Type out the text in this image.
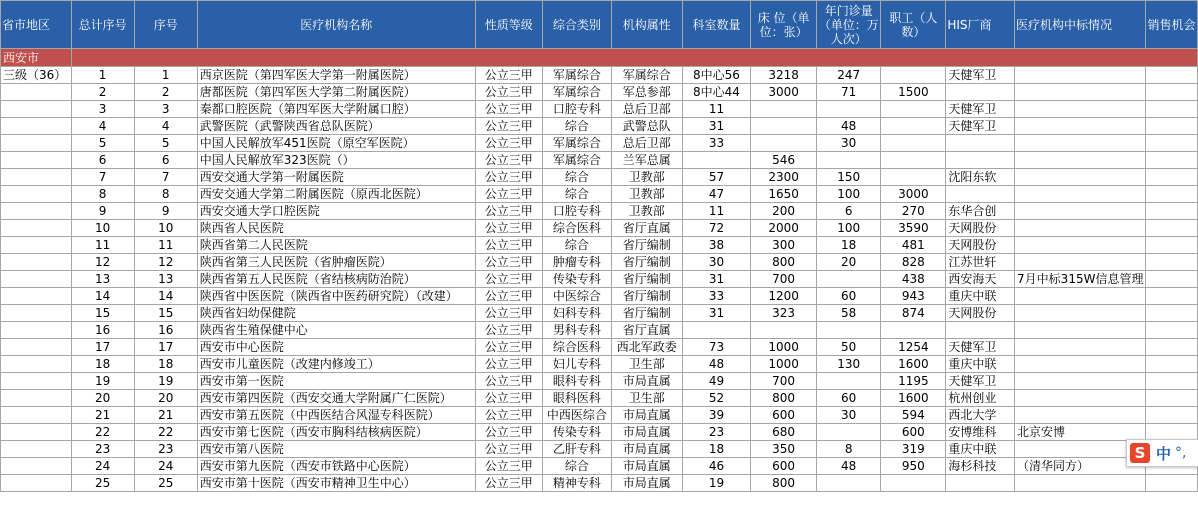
省市地区	总计序号	序号	医疗机构名称	性质等级	综合类别	机构属性	科室数量	床 位（单位：张）	年门诊量（单位：万人次）	职工（人数）	HIS厂商	医疗机构中标情况	销售机会
西安市													
三级（36）	1	1	西京医院（第四军医大学第一附属医院）	公立三甲	军属综合	军属综合	8中心56	3218	247		天健军卫		
	2	2	唐都医院（第四军医大学第二附属医院）	公立三甲	军属综合	军总参部	8中心44	3000	71	1500			
	3	3	秦都口腔医院（第四军医大学附属口腔）	公立三甲	口腔专科	总后卫部	11				天健军卫		
	4	4	武警医院（武警陕西省总队医院）	公立三甲	综合	武警总队	31		48		天健军卫		
	5	5	中国人民解放军451医院（原空军医院）	公立三甲	军属综合	总后卫部	33		30				
	6	6	中国人民解放军323医院（）	公立三甲	军属综合	兰军总属		546					
	7	7	西安交通大学第一附属医院	公立三甲	综合	卫教部	57	2300	150		沈阳东软		
	8	8	西安交通大学第二附属医院（原西北医院）	公立三甲	综合	卫教部	47	1650	100	3000			
	9	9	西安交通大学口腔医院	公立三甲	口腔专科	卫教部	11	200	6	270	东华合创		
	10	10	陕西省人民医院	公立三甲	综合医科	省厅直属	72	2000	100	3590	天网股份		
	11	11	陕西省第二人民医院	公立三甲	综合	省厅编制	38	300	18	481	天网股份		
	12	12	陕西省第三人民医院（省肿瘤医院）	公立三甲	肿瘤专科	省厅编制	30	800	20	828	江苏世轩		
	13	13	陕西省第五人民医院（省结核病防治院）	公立三甲	传染专科	省厅编制	31	700		438	西安海天	7月中标315W信息管理	
	14	14	陕西省中医医院（陕西省中医药研究院）（改建）	公立三甲	中医综合	省厅编制	33	1200	60	943	重庆中联		
	15	15	陕西省妇幼保健院	公立三甲	妇科专科	省厅编制	31	323	58	874	天网股份		
	16	16	陕西省生殖保健中心	公立三甲	男科专科	省厅直属							
	17	17	西安市中心医院	公立三甲	综合医科	西北军政委	73	1000	50	1254	天健军卫		
	18	18	西安市儿童医院（改建内修竣工）	公立三甲	妇儿专科	卫生部	48	1000	130	1600	重庆中联		
	19	19	西安市第一医院	公立三甲	眼科专科	市局直属	49	700		1195	天健军卫		
	20	20	西安市第四医院（西安交通大学附属广仁医院）	公立三甲	眼科医科	卫生部	52	800	60	1600	杭州创业		
	21	21	西安市第五医院（中西医结合风湿专科医院）	公立三甲	中西医综合	市局直属	39	600	30	594	西北大学		
	22	22	西安市第七医院（西安市胸科结核病医院）	公立三甲	传染专科	市局直属	23	680		600	安博维科	北京安博	
	23	23	西安市第八医院	公立三甲	乙肝专科	市局直属	18	350	8	319	重庆中联		
	24	24	西安市第九医院（西安市铁路中心医院）	公立三甲	综合	市局直属	46	600	48	950	海杉科技	（清华同方）	
	25	25	西安市第十医院（西安市精神卫生中心）	公立三甲	精神专科	市局直属	19	800					
S 中 °,
